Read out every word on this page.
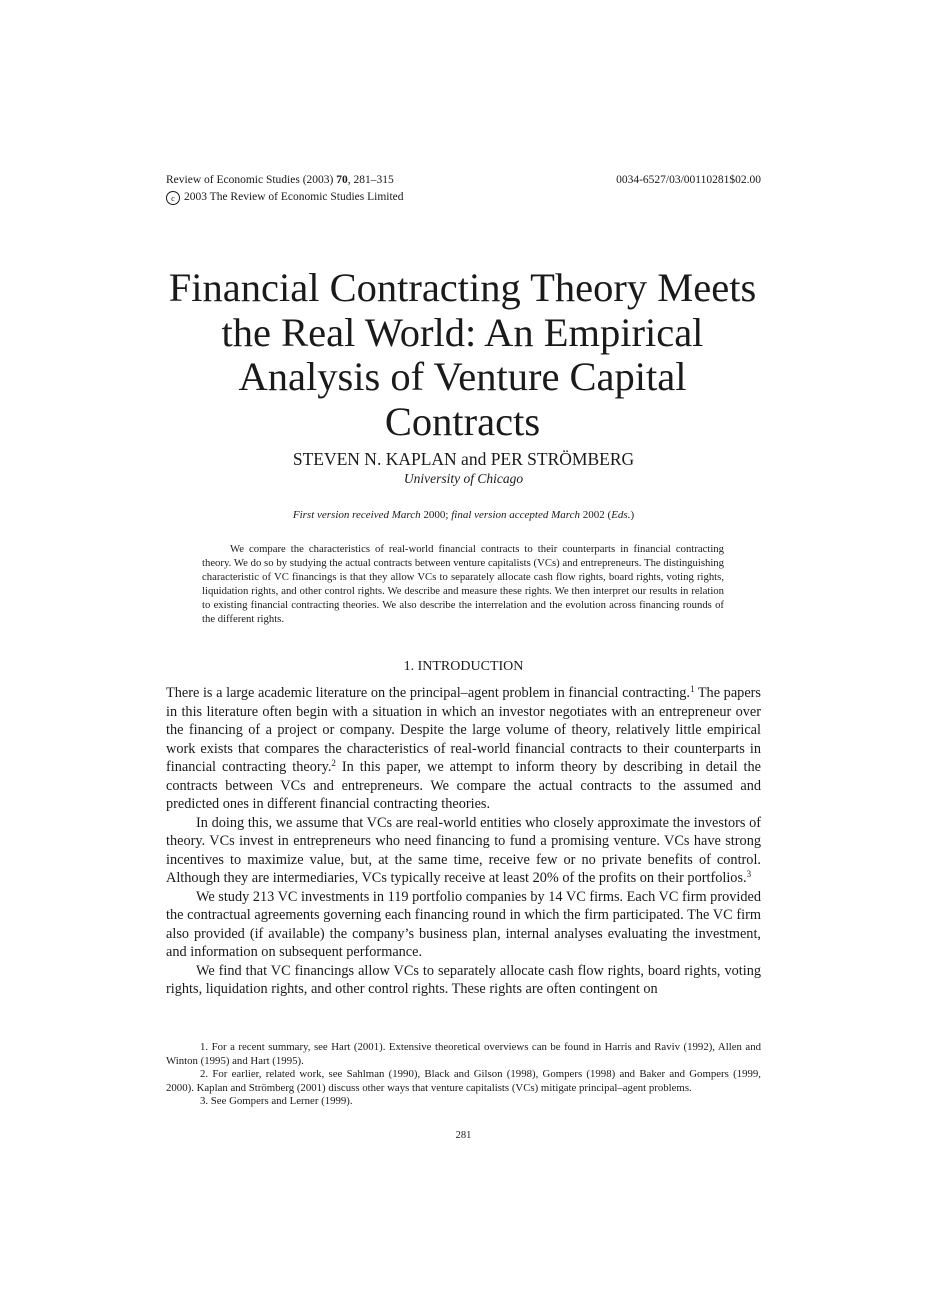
Review of Economic Studies (2003) 70, 281–315	0034-6527/03/00110281$02.00
c 2003 The Review of Economic Studies Limited
Financial Contracting Theory Meets
the Real World: An Empirical
Analysis of Venture Capital
Contracts
STEVEN N. KAPLAN and PER STRÖMBERG
University of Chicago
First version received March 2000; final version accepted March 2002 (Eds.)

We compare the characteristics of real-world financial contracts to their counterparts in financial contracting theory. We do so by studying the actual contracts between venture capitalists (VCs) and entrepreneurs. The distinguishing characteristic of VC financings is that they allow VCs to separately allocate cash flow rights, board rights, voting rights, liquidation rights, and other control rights. We describe and measure these rights. We then interpret our results in relation to existing financial contracting theories. We also describe the interrelation and the evolution across financing rounds of the different rights.

1. INTRODUCTION

There is a large academic literature on the principal–agent problem in financial contracting.$^1$ The papers in this literature often begin with a situation in which an investor negotiates with an entrepreneur over the financing of a project or company. Despite the large volume of theory, relatively little empirical work exists that compares the characteristics of real-world financial contracts to their counterparts in financial contracting theory.$^2$ In this paper, we attempt to inform theory by describing in detail the contracts between VCs and entrepreneurs. We compare the actual contracts to the assumed and predicted ones in different financial contracting theories.

In doing this, we assume that VCs are real-world entities who closely approximate the investors of theory. VCs invest in entrepreneurs who need financing to fund a promising venture. VCs have strong incentives to maximize value, but, at the same time, receive few or no private benefits of control. Although they are intermediaries, VCs typically receive at least 20% of the profits on their portfolios.$^3$

We study 213 VC investments in 119 portfolio companies by 14 VC firms. Each VC firm provided the contractual agreements governing each financing round in which the firm participated. The VC firm also provided (if available) the company’s business plan, internal analyses evaluating the investment, and information on subsequent performance.

We find that VC financings allow VCs to separately allocate cash flow rights, board rights, voting rights, liquidation rights, and other control rights. These rights are often contingent on

1. For a recent summary, see Hart (2001). Extensive theoretical overviews can be found in Harris and Raviv (1992), Allen and Winton (1995) and Hart (1995).

2. For earlier, related work, see Sahlman (1990), Black and Gilson (1998), Gompers (1998) and Baker and Gompers (1999, 2000). Kaplan and Strömberg (2001) discuss other ways that venture capitalists (VCs) mitigate principal–agent problems.

3. See Gompers and Lerner (1999).

281
